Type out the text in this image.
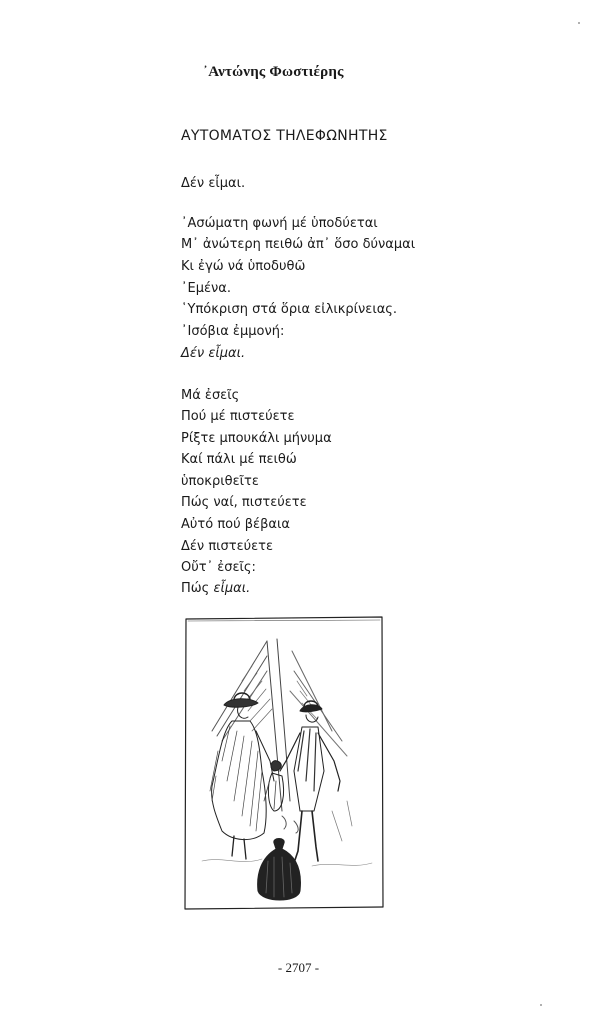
᾿Αντώνης Φωστιέρης
ΑΥΤΟΜΑΤΟΣ ΤΗΛΕΦΩΝΗΤΗΣ
Δέν εἶμαι.
᾿Ασώματη φωνή μέ ὑποδύεται
Μ᾿ ἀνώτερη πειθώ ἀπ᾿ ὅσο δύναμαι
Κι ἐγώ νά ὑποδυθῶ
᾿Εμένα.
῾Υπόκριση στά ὅρια εἰλικρίνειας.
᾿Ισόβια ἐμμονή:
Δέν εἶμαι.
Μά ἐσεῖς
Πού μέ πιστεύετε
Ρίξτε μπουκάλι μήνυμα
Καί πάλι μέ πειθώ
ὑποκριθεῖτε
Πώς ναί, πιστεύετε
Αὐτό πού βέβαια
Δέν πιστεύετε
Οὔτ᾿ ἐσεῖς:
Πώς εἶμαι.
- 2707 -
